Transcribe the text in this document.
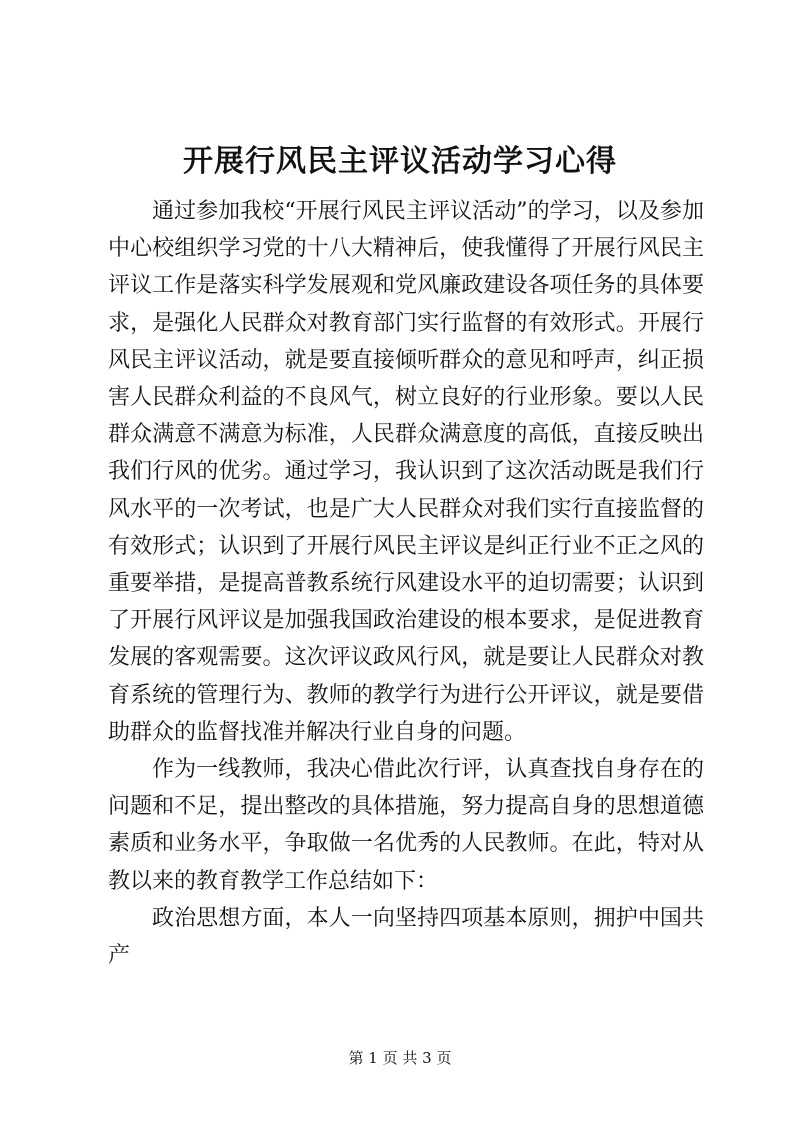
开展行风民主评议活动学习心得

通过参加我校“开展行风民主评议活动”的学习，以及参加中心校组织学习党的十八大精神后，使我懂得了开展行风民主评议工作是落实科学发展观和党风廉政建设各项任务的具体要求，是强化人民群众对教育部门实行监督的有效形式。开展行风民主评议活动，就是要直接倾听群众的意见和呼声，纠正损害人民群众利益的不良风气，树立良好的行业形象。要以人民群众满意不满意为标准，人民群众满意度的高低，直接反映出我们行风的优劣。通过学习，我认识到了这次活动既是我们行风水平的一次考试，也是广大人民群众对我们实行直接监督的有效形式；认识到了开展行风民主评议是纠正行业不正之风的重要举措，是提高普教系统行风建设水平的迫切需要；认识到了开展行风评议是加强我国政治建设的根本要求，是促进教育发展的客观需要。这次评议政风行风，就是要让人民群众对教育系统的管理行为、教师的教学行为进行公开评议，就是要借助群众的监督找准并解决行业自身的问题。

作为一线教师，我决心借此次行评，认真查找自身存在的问题和不足，提出整改的具体措施，努力提高自身的思想道德素质和业务水平，争取做一名优秀的人民教师。在此，特对从教以来的教育教学工作总结如下：

政治思想方面，本人一向坚持四项基本原则，拥护中国共产

第 1 页 共 3 页
